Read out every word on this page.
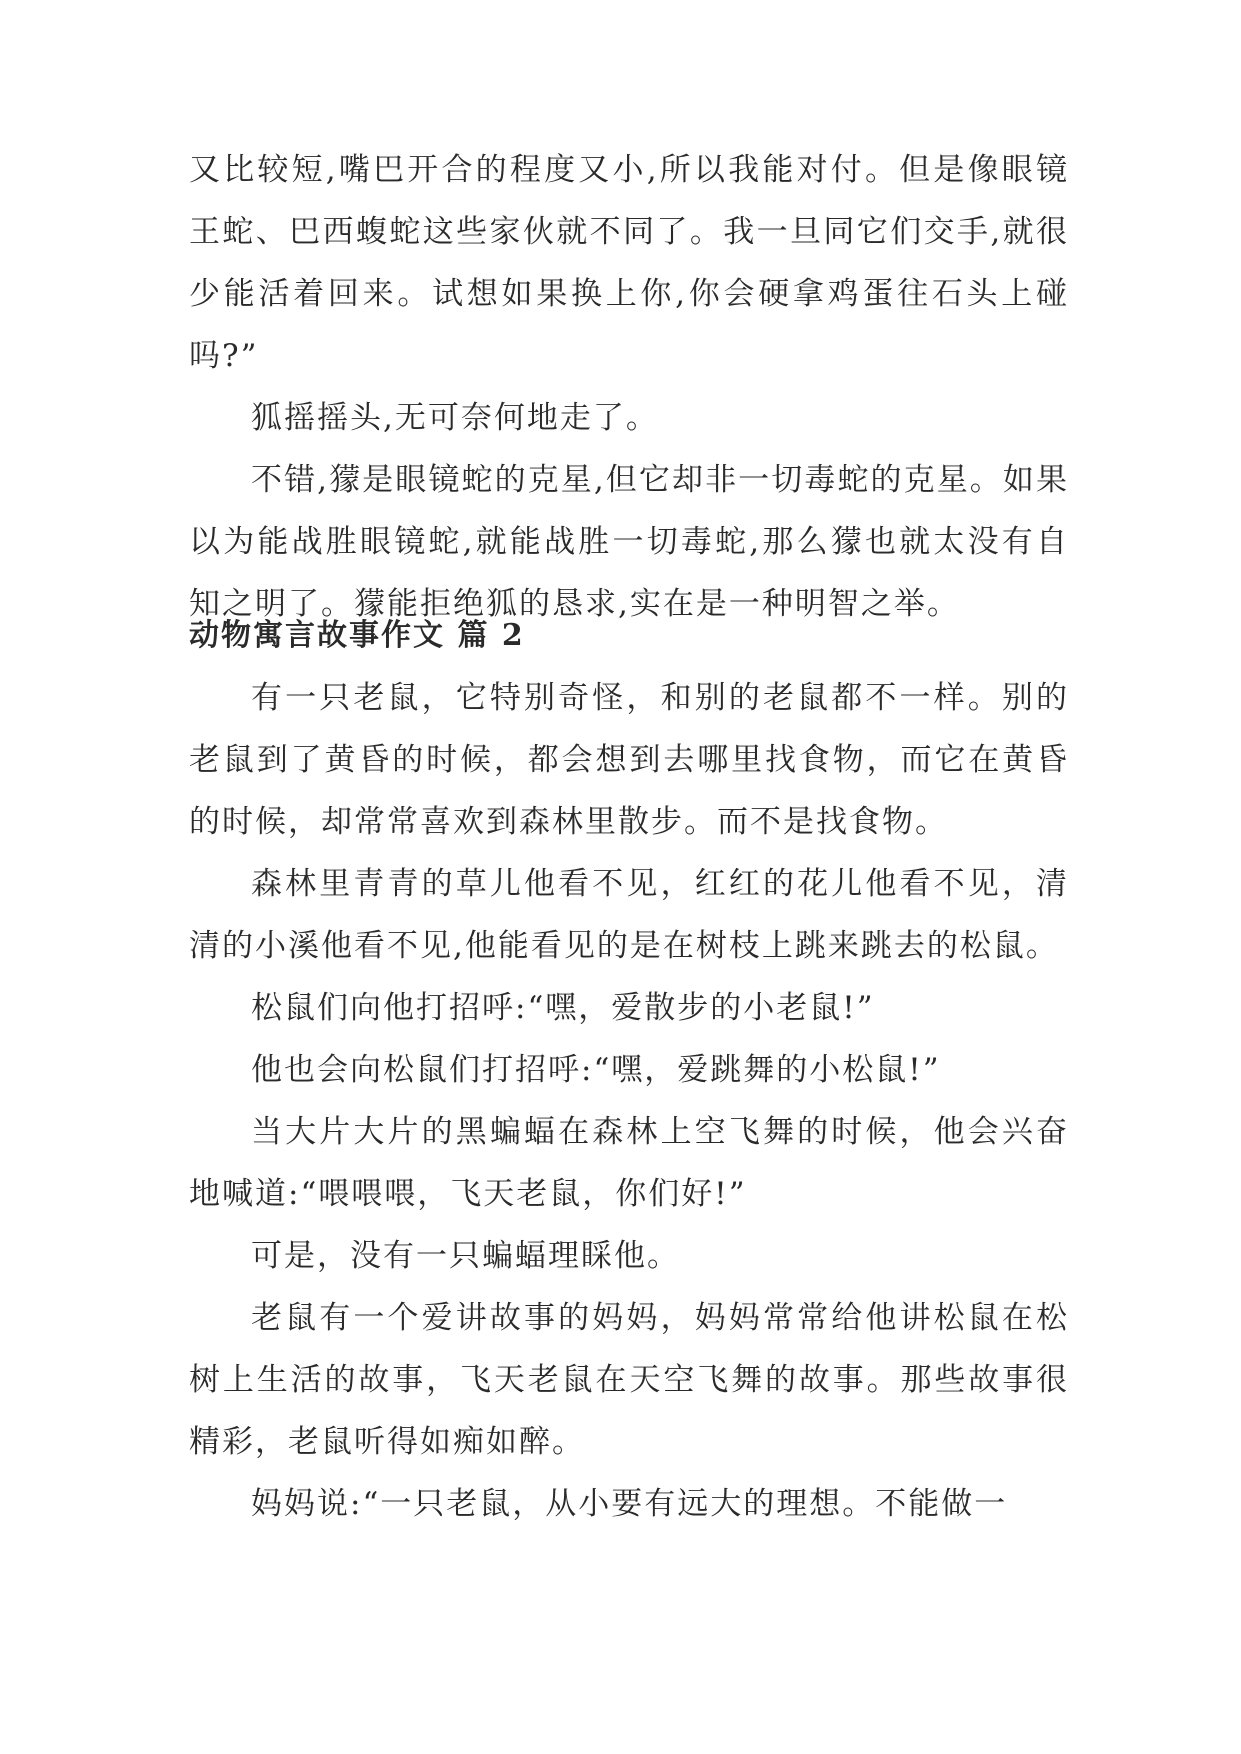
又比较短,嘴巴开合的程度又小,所以我能对付。但是像眼镜王蛇、巴西蝮蛇这些家伙就不同了。我一旦同它们交手,就很少能活着回来。试想如果换上你,你会硬拿鸡蛋往石头上碰吗?”

狐摇摇头,无可奈何地走了。

不错,獴是眼镜蛇的克星,但它却非一切毒蛇的克星。如果以为能战胜眼镜蛇,就能战胜一切毒蛇,那么獴也就太没有自知之明了。獴能拒绝狐的恳求,实在是一种明智之举。

动物寓言故事作文 篇 2

有一只老鼠，它特别奇怪，和别的老鼠都不一样。别的老鼠到了黄昏的时候，都会想到去哪里找食物，而它在黄昏的时候，却常常喜欢到森林里散步。而不是找食物。

森林里青青的草儿他看不见，红红的花儿他看不见，清清的小溪他看不见,他能看见的是在树枝上跳来跳去的松鼠。

松鼠们向他打招呼:“嘿，爱散步的小老鼠!”

他也会向松鼠们打招呼:“嘿，爱跳舞的小松鼠!”

当大片大片的黑蝙蝠在森林上空飞舞的时候，他会兴奋地喊道:“喂喂喂，飞天老鼠，你们好!”

可是，没有一只蝙蝠理睬他。

老鼠有一个爱讲故事的妈妈，妈妈常常给他讲松鼠在松树上生活的故事，飞天老鼠在天空飞舞的故事。那些故事很精彩，老鼠听得如痴如醉。

妈妈说:“一只老鼠，从小要有远大的理想。不能做一
